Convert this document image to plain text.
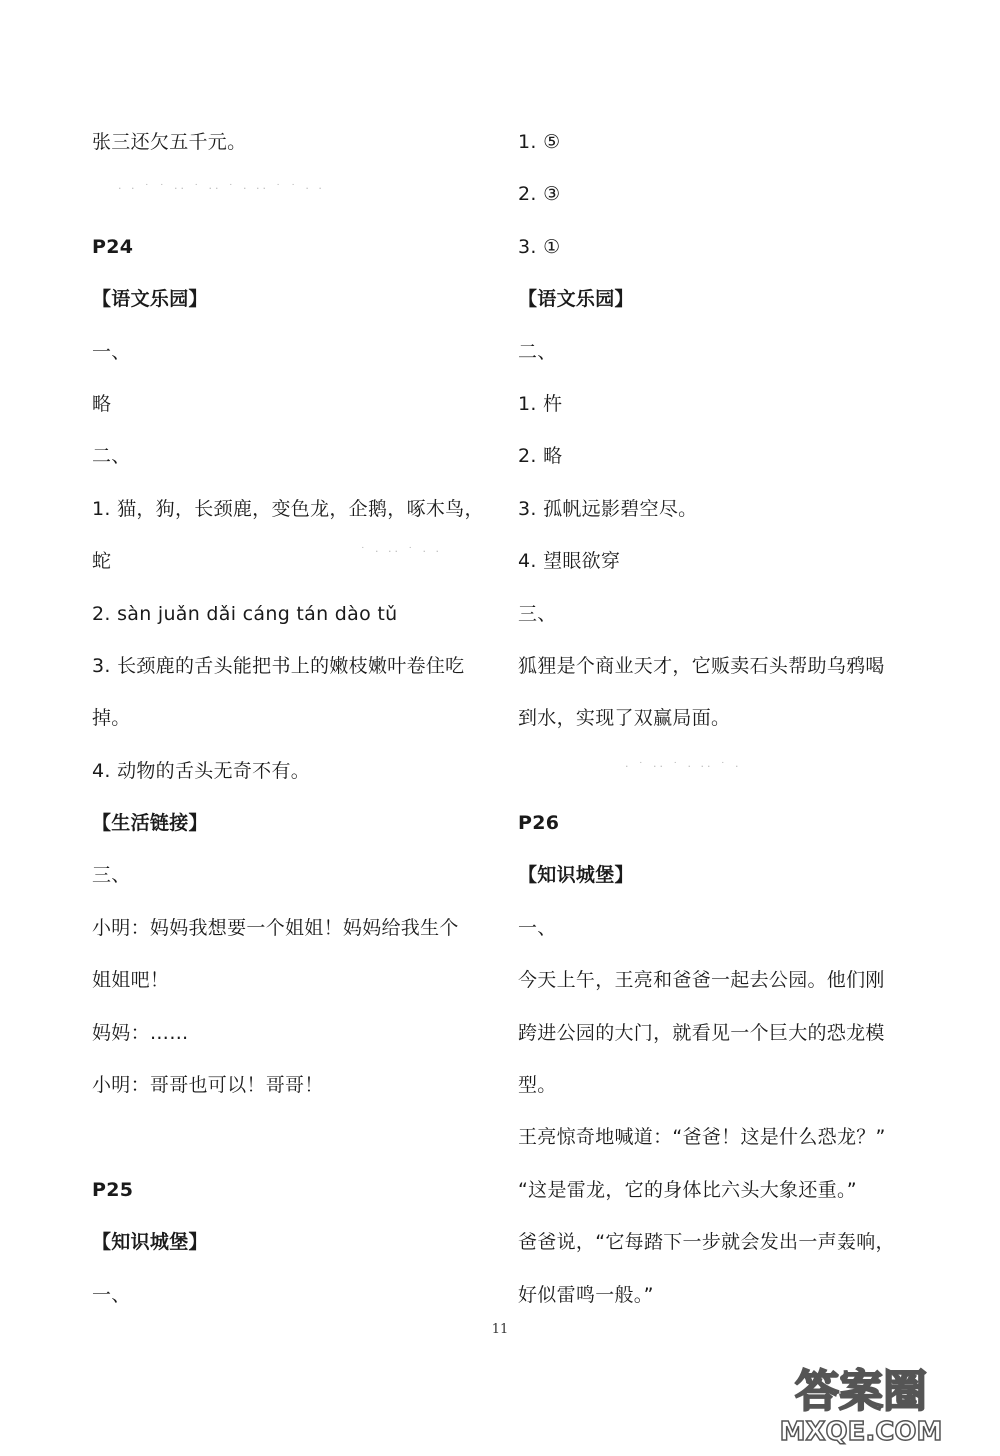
张三还欠五千元。
P24
【语文乐园】
一、
略
二、
1. 猫，狗，长颈鹿，变色龙，企鹅，啄木鸟，
蛇
2. sàn juǎn dǎi cáng tán dào tǔ
3. 长颈鹿的舌头能把书上的嫩枝嫩叶卷住吃
掉。
4. 动物的舌头无奇不有。
【生活链接】
三、
小明：妈妈我想要一个姐姐！妈妈给我生个
姐姐吧！
妈妈：……
小明：哥哥也可以！哥哥！
P25
【知识城堡】
一、
1. ⑤
2. ③
3. ①
【语文乐园】
二、
1. 杵
2. 略
3. 孤帆远影碧空尽。
4. 望眼欲穿
三、
狐狸是个商业天才，它贩卖石头帮助乌鸦喝
到水，实现了双赢局面。
P26
【知识城堡】
一、
今天上午，王亮和爸爸一起去公园。他们刚
跨进公园的大门，就看见一个巨大的恐龙模
型。
王亮惊奇地喊道：“爸爸！这是什么恐龙？”
“这是雷龙，它的身体比六头大象还重。”
爸爸说，“它每踏下一步就会发出一声轰响，
好似雷鸣一般。”
· · ˙ ˙ ·· ˙ ·· ˙ · ·· ˙ ˙ · ·
· ˙ ·· ˙ · ·· ˙ ·
˙ · ·· ˙ · ·
11
答案圈
MXQE.COM
